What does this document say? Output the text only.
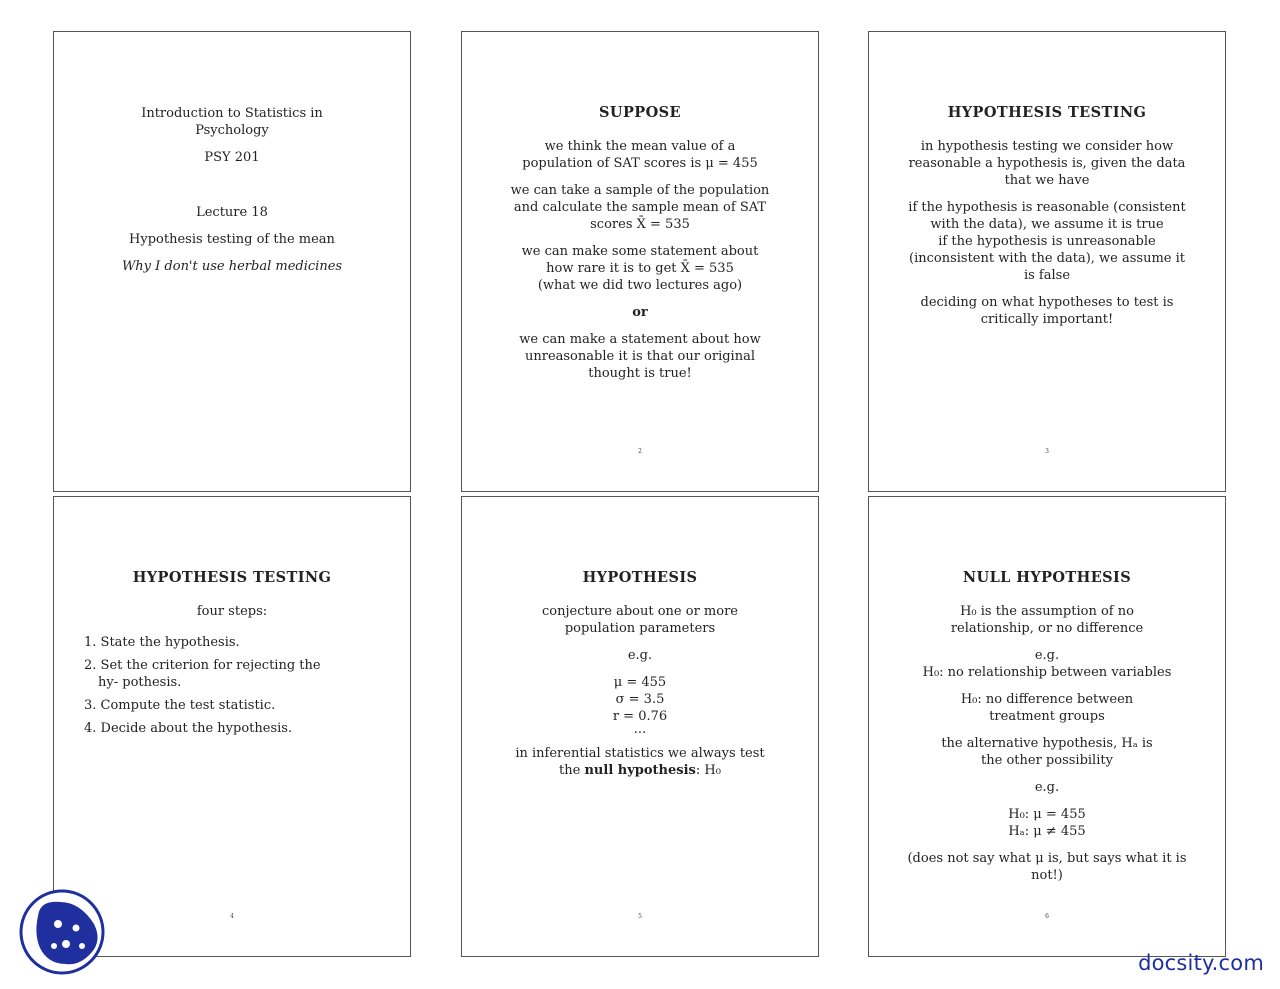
Introduction to Statistics in Psychology
PSY 201
Lecture 18
Hypothesis testing of the mean
Why I don't use herbal medicines
SUPPOSE
we think the mean value of a population of SAT scores is μ = 455
we can take a sample of the population and calculate the sample mean of SAT scores X̄ = 535
we can make some statement about how rare it is to get X̄ = 535
(what we did two lectures ago)
or
we can make a statement about how unreasonable it is that our original thought is true!
2
HYPOTHESIS TESTING
in hypothesis testing we consider how reasonable a hypothesis is, given the data that we have
if the hypothesis is reasonable (consistent with the data), we assume it is true
if the hypothesis is unreasonable (inconsistent with the data), we assume it is false
deciding on what hypotheses to test is critically important!
3
HYPOTHESIS TESTING
four steps:
1. State the hypothesis.
2. Set the criterion for rejecting the hy- pothesis.
3. Compute the test statistic.
4. Decide about the hypothesis.
4
HYPOTHESIS
conjecture about one or more population parameters
e.g.
μ = 455
σ = 3.5
r = 0.76
...
in inferential statistics we always test the null hypothesis: H₀
5
NULL HYPOTHESIS
H₀ is the assumption of no relationship, or no difference
e.g.
H₀: no relationship between variables
H₀: no difference between treatment groups
the alternative hypothesis, Hₐ is the other possibility
e.g.
H₀: μ = 455
Hₐ: μ ≠ 455
(does not say what μ is, but says what it is not!)
6
docsity.com
